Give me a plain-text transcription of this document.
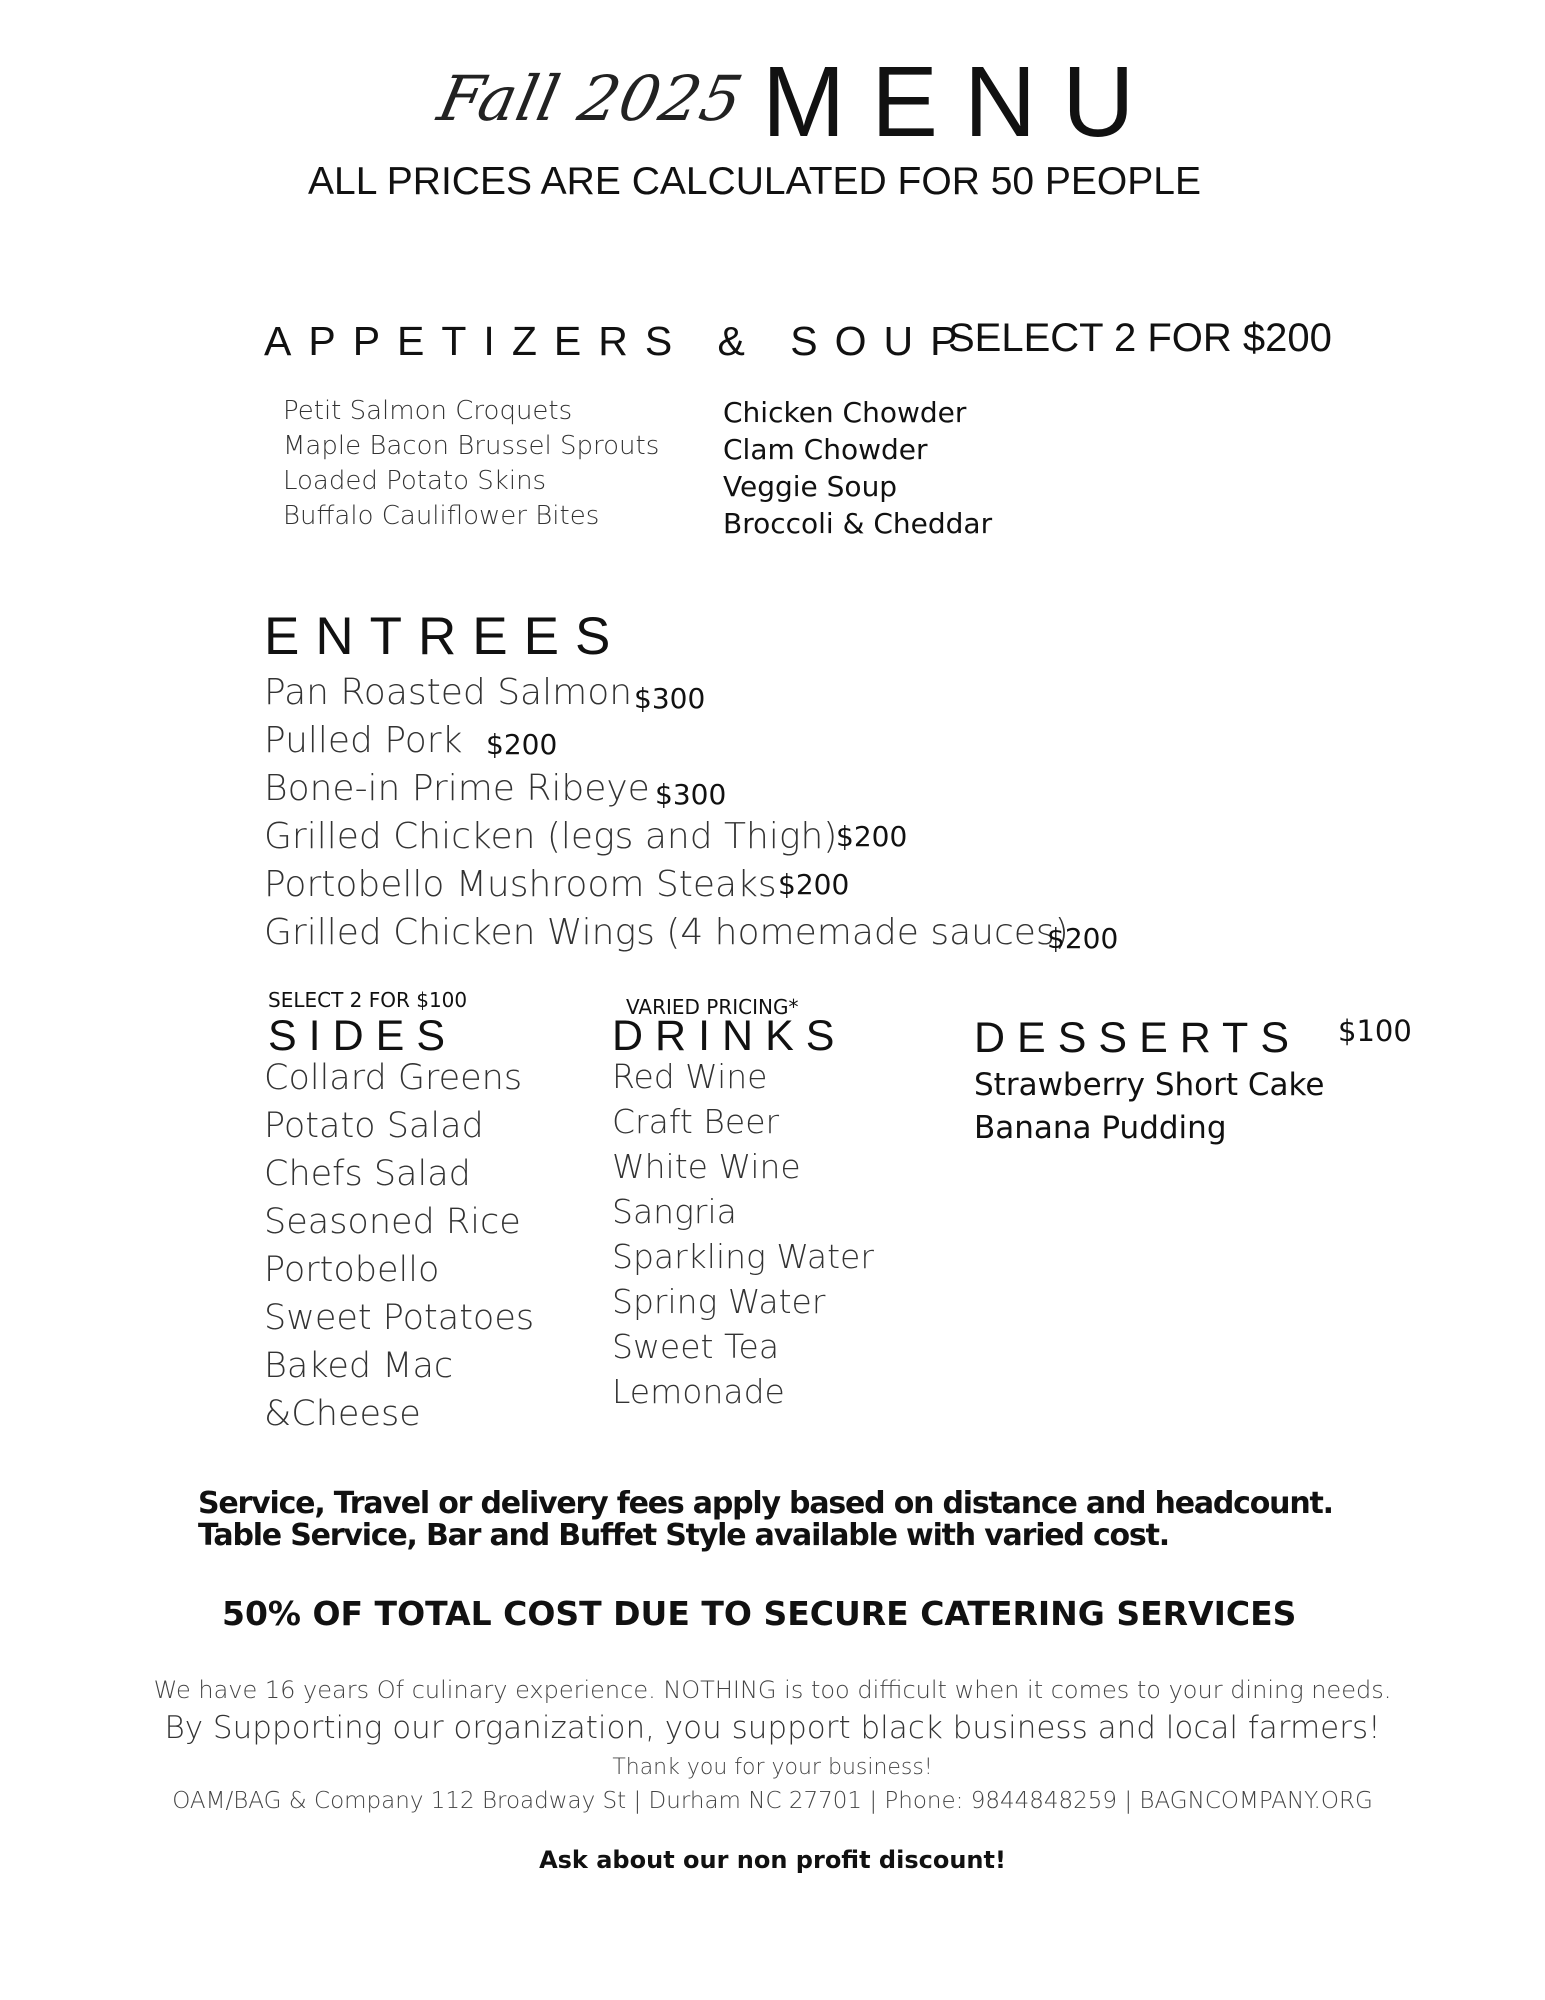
Fall 2025 MENU
ALL PRICES ARE CALCULATED FOR 50 PEOPLE
APPETIZERS & SOUP
SELECT 2 FOR $200
Petit Salmon Croquets
Maple Bacon Brussel Sprouts
Loaded Potato Skins
Buffalo Cauliflower Bites
Chicken Chowder
Clam Chowder
Veggie Soup
Broccoli & Cheddar
ENTREES
Pan Roasted Salmon $300
Pulled Pork $200
Bone-in Prime Ribeye $300
Grilled Chicken (legs and Thigh)
$200
Portobello Mushroom Steaks $200
Grilled Chicken Wings (4 homemade sauces)
$200
SELECT 2 FOR $100
SIDES
Collard Greens
Potato Salad
Chefs Salad
Seasoned Rice
Portobello
Sweet Potatoes
Baked Mac
&Cheese
VARIED PRICING*
DRINKS
Red Wine
Craft Beer
White Wine
Sangria
Sparkling Water
Spring Water
Sweet Tea
Lemonade
DESSERTS $100
Strawberry Short Cake
Banana Pudding
Service, Travel or delivery fees apply based on distance and headcount.
Table Service, Bar and Buffet Style available with varied cost.
50% OF TOTAL COST DUE TO SECURE CATERING SERVICES
We have 16 years Of culinary experience. NOTHING is too difficult when it comes to your dining needs.
By Supporting our organization, you support black business and local farmers!
Thank you for your business!
OAM/BAG & Company 112 Broadway St | Durham NC 27701 | Phone: 9844848259 | BAGNCOMPANY.ORG
Ask about our non profit discount!
